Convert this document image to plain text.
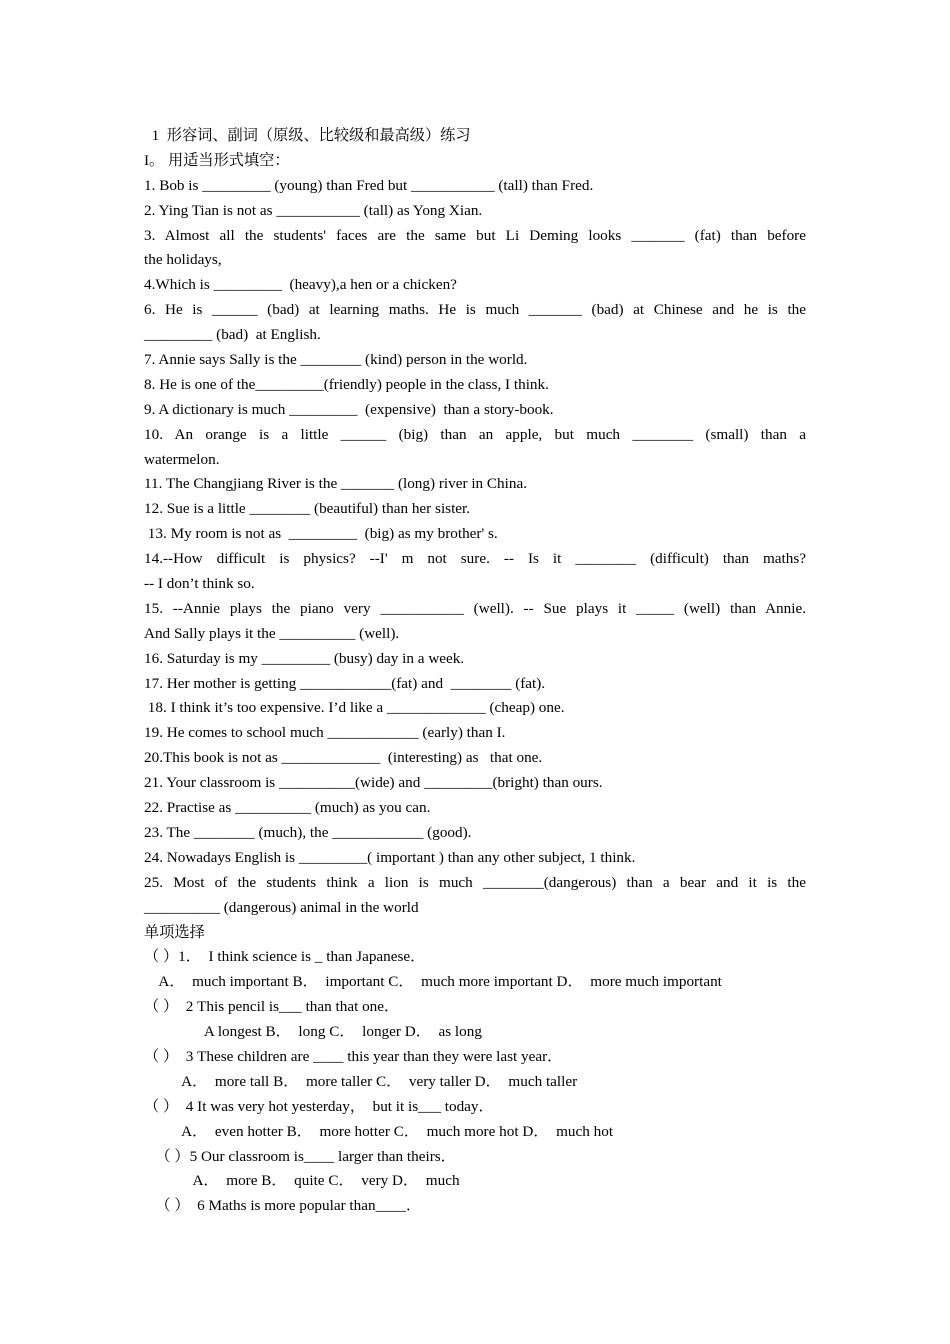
1  形容词、副词（原级、比较级和最高级）练习
I。 用适当形式填空：
1. Bob is _________ (young) than Fred but ___________ (tall) than Fred.
2. Ying Tian is not as ___________ (tall) as Yong Xian.
3. Almost all the students' faces are the same but Li Deming looks _______ (fat) than before
the holidays,
4.Which is _________  (heavy),a hen or a chicken?
6. He is ______ (bad) at learning maths. He is much _______ (bad) at Chinese and he is the
_________ (bad)  at English.
7. Annie says Sally is the ________ (kind) person in the world.
8. He is one of the_________(friendly) people in the class, I think.
9. A dictionary is much _________  (expensive)  than a story-book.
10. An orange is a little ______ (big) than an apple, but much ________ (small) than a
watermelon.
11. The Changjiang River is the _______ (long) river in China.
12. Sue is a little ________ (beautiful) than her sister.
13. My room is not as  _________  (big) as my brother' s.
14.--How difficult is physics? --I' m not sure. -- Is it ________ (difficult) than maths?
-- I don’t think so.
15. --Annie plays the piano very ___________ (well). -- Sue plays it _____ (well) than Annie.
And Sally plays it the __________ (well).
16. Saturday is my _________ (busy) day in a week.
17. Her mother is getting ____________(fat) and  ________ (fat).
18. I think it’s too expensive. I’d like a _____________ (cheap) one.
19. He comes to school much ____________ (early) than I.
20.This book is not as _____________  (interesting) as   that one.
21. Your classroom is __________(wide) and _________(bright) than ours.
22. Practise as __________ (much) as you can.
23. The ________ (much), the ____________ (good).
24. Nowadays English is _________( important ) than any other subject, 1 think.
25. Most of the students think a lion is much ________(dangerous) than a bear and it is the
__________ (dangerous) animal in the world
单项选择
（ ）1．  I think science is _ than Japanese．
A．  much important B．  important C．  much more important D．  more much important
（ ）  2 This pencil is___ than that one．
A longest B．  long C．  longer D．  as long
（ ）  3 These children are ____ this year than they were last year．
A．  more tall B．  more taller C．  very taller D．  much taller
（ ）  4 It was very hot yesterday，  but it is___ today．
A．  even hotter B．  more hotter C．  much more hot D．  much hot
（ ）5 Our classroom is____ larger than theirs．
A．  more B．  quite C．  very D．  much
（ ）  6 Maths is more popular than____．
